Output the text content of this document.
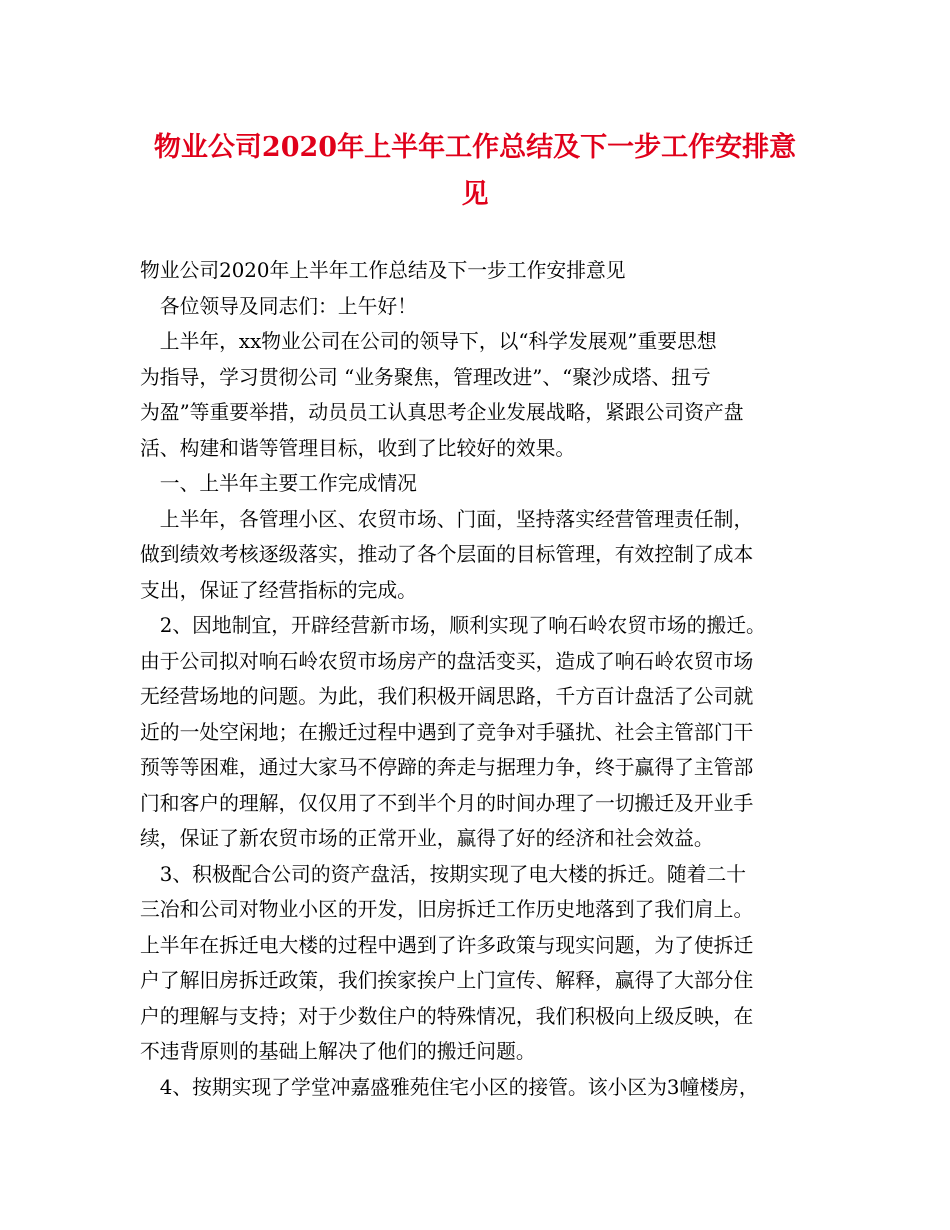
物业公司2020年上半年工作总结及下一步工作安排意
见

物业公司2020年上半年工作总结及下一步工作安排意见

　各位领导及同志们：上午好！

　上半年，xx物业公司在公司的领导下，以“科学发展观”重要思想

为指导，学习贯彻公司 “业务聚焦，管理改进”、“聚沙成塔、扭亏

为盈”等重要举措，动员员工认真思考企业发展战略，紧跟公司资产盘

活、构建和谐等管理目标，收到了比较好的效果。

　一、上半年主要工作完成情况

　上半年，各管理小区、农贸市场、门面，坚持落实经营管理责任制，

做到绩效考核逐级落实，推动了各个层面的目标管理，有效控制了成本

支出，保证了经营指标的完成。

　2、因地制宜，开辟经营新市场，顺利实现了响石岭农贸市场的搬迁。

由于公司拟对响石岭农贸市场房产的盘活变买，造成了响石岭农贸市场

无经营场地的问题。为此，我们积极开阔思路，千方百计盘活了公司就

近的一处空闲地；在搬迁过程中遇到了竞争对手骚扰、社会主管部门干

预等等困难，通过大家马不停蹄的奔走与据理力争，终于赢得了主管部

门和客户的理解，仅仅用了不到半个月的时间办理了一切搬迁及开业手

续，保证了新农贸市场的正常开业，赢得了好的经济和社会效益。

　3、积极配合公司的资产盘活，按期实现了电大楼的拆迁。随着二十

三冶和公司对物业小区的开发，旧房拆迁工作历史地落到了我们肩上。

上半年在拆迁电大楼的过程中遇到了许多政策与现实问题，为了使拆迁

户了解旧房拆迁政策，我们挨家挨户上门宣传、解释，赢得了大部分住

户的理解与支持；对于少数住户的特殊情况，我们积极向上级反映，在

不违背原则的基础上解决了他们的搬迁问题。

　4、按期实现了学堂冲嘉盛雅苑住宅小区的接管。该小区为3幢楼房，
